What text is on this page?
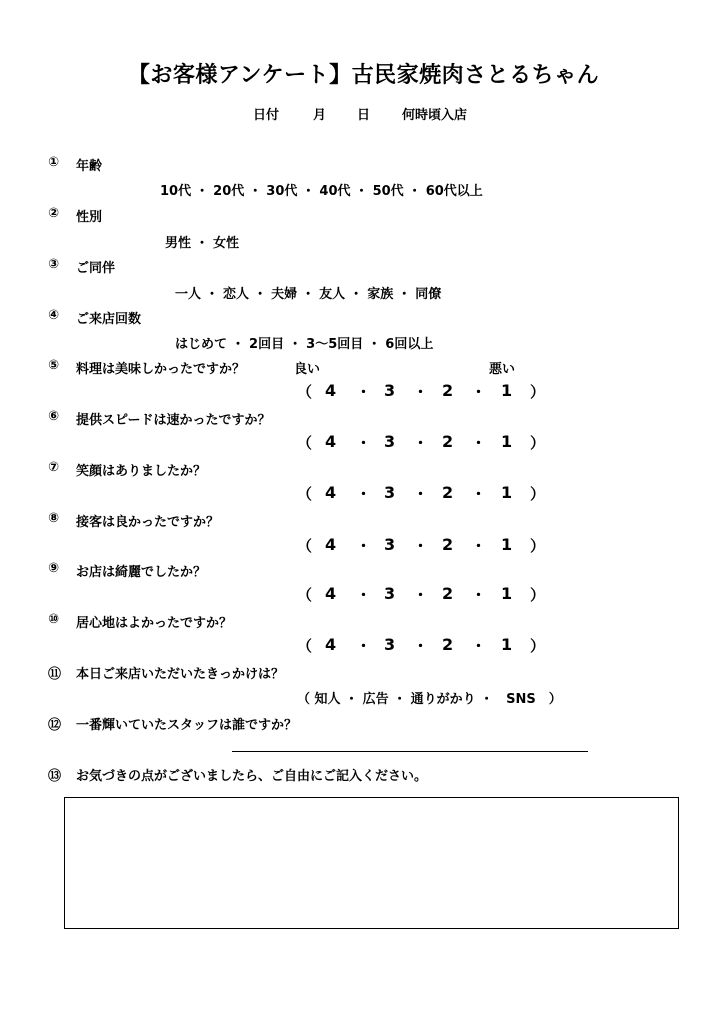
【お客様アンケート】古民家焼肉さとるちゃん
日付	月 日 何時頃入店
① 年齢
10代 ・ 20代 ・ 30代 ・ 40代 ・ 50代 ・ 60代以上
② 性別
男性 ・ 女性
③ ご同伴
一人 ・ 恋人 ・ 夫婦 ・ 友人 ・ 家族 ・ 同僚
④ ご来店回数
はじめて ・ 2回目 ・ 3～5回目 ・ 6回以上
⑤ 料理は美味しかったですか？	良い	悪い
⑥ 提供スピードは速かったですか？
⑦ 笑顔はありましたか？
⑧ 接客は良かったですか？
⑨ お店は綺麗でしたか？
⑩ 居心地はよかったですか？
（ 4 ・ 3 ・ 2 ・ 1 ）
（ 4 ・ 3 ・ 2 ・ 1 ）
（ 4 ・ 3 ・ 2 ・ 1 ）
（ 4 ・ 3 ・ 2 ・ 1 ）
（ 4 ・ 3 ・ 2 ・ 1 ）
（ 4 ・ 3 ・ 2 ・ 1 ）
⑪ 本日ご来店いただいたきっかけは？
（ 知人 ・ 広告 ・ 通りがかり ・　SNS　）
⑫ 一番輝いていたスタッフは誰ですか？
⑬ お気づきの点がございましたら、ご自由にご記入ください。
